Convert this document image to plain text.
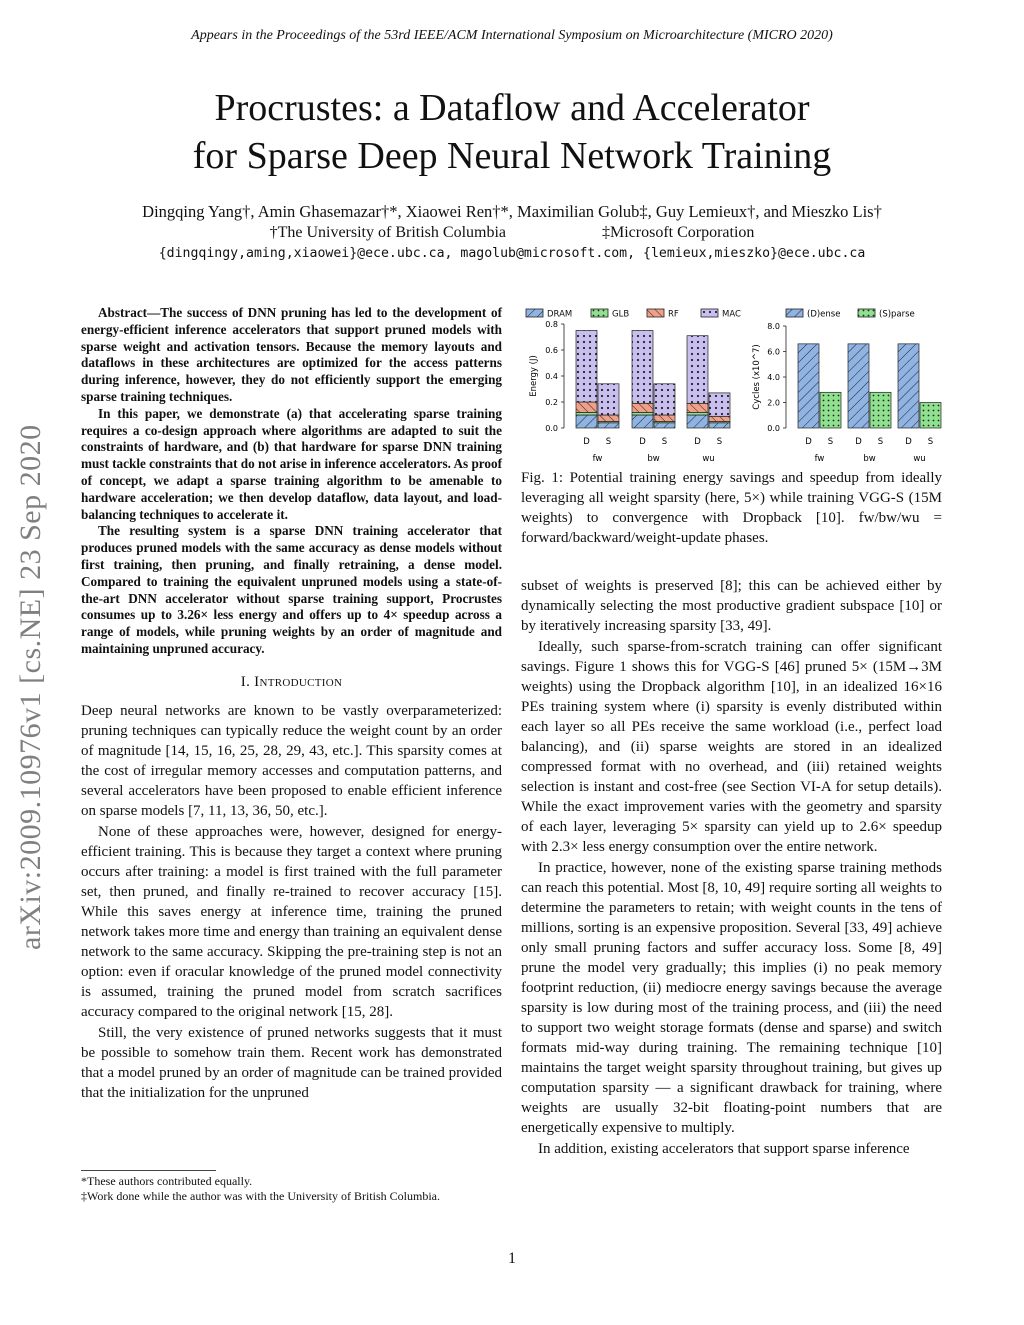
Appears in the Proceedings of the 53rd IEEE/ACM International Symposium on Microarchitecture (MICRO 2020)
Procrustes: a Dataflow and Accelerator
for Sparse Deep Neural Network Training
Dingqing Yang†, Amin Ghasemazar†*, Xiaowei Ren†*, Maximilian Golub‡, Guy Lemieux†, and Mieszko Lis†
†The University of British Columbia	‡Microsoft Corporation
{dingqingy,aming,xiaowei}@ece.ubc.ca, magolub@microsoft.com, {lemieux,mieszko}@ece.ubc.ca
arXiv:2009.10976v1 [cs.NE] 23 Sep 2020

Abstract—The success of DNN pruning has led to the development of energy-efficient inference accelerators that support pruned models with sparse weight and activation tensors. Because the memory layouts and dataflows in these architectures are optimized for the access patterns during inference, however, they do not efficiently support the emerging sparse training techniques.

In this paper, we demonstrate (a) that accelerating sparse training requires a co-design approach where algorithms are adapted to suit the constraints of hardware, and (b) that hardware for sparse DNN training must tackle constraints that do not arise in inference accelerators. As proof of concept, we adapt a sparse training algorithm to be amenable to hardware acceleration; we then develop dataflow, data layout, and load-balancing techniques to accelerate it.

The resulting system is a sparse DNN training accelerator that produces pruned models with the same accuracy as dense models without first training, then pruning, and finally retraining, a dense model. Compared to training the equivalent unpruned models using a state-of-the-art DNN accelerator without sparse training support, Procrustes consumes up to 3.26× less energy and offers up to 4× speedup across a range of models, while pruning weights by an order of magnitude and maintaining unpruned accuracy.

I. Introduction

Deep neural networks are known to be vastly overparameterized: pruning techniques can typically reduce the weight count by an order of magnitude [14, 15, 16, 25, 28, 29, 43, etc.]. This sparsity comes at the cost of irregular memory accesses and computation patterns, and several accelerators have been proposed to enable efficient inference on sparse models [7, 11, 13, 36, 50, etc.].

None of these approaches were, however, designed for energy-efficient training. This is because they target a context where pruning occurs after training: a model is first trained with the full parameter set, then pruned, and finally re-trained to recover accuracy [15]. While this saves energy at inference time, training the pruned network takes more time and energy than training an equivalent dense network to the same accuracy. Skipping the pre-training step is not an option: even if oracular knowledge of the pruned model connectivity is assumed, training the pruned model from scratch sacrifices accuracy compared to the original network [15, 28].

Still, the very existence of pruned networks suggests that it must be possible to somehow train them. Recent work has demonstrated that a model pruned by an order of magnitude can be trained provided that the initialization for the unpruned

*These authors contributed equally.
‡Work done while the author was with the University of British Columbia.
DRAM	GLB	RF	MAC
0.0
0.2
0.4
0.6
0.8
Energy (J)
D S
fw
D S
bw
D S
wu
(D)ense	(S)parse
0.0
2.0
4.0
6.0
8.0
Cycles (x10^7)
D S
fw
D S
bw
D S
wu
Fig. 1: Potential training energy savings and speedup from ideally leveraging all weight sparsity (here, 5×) while training VGG-S (15M weights) to convergence with Dropback [10]. fw/bw/wu = forward/backward/weight-update phases.

subset of weights is preserved [8]; this can be achieved either by dynamically selecting the most productive gradient subspace [10] or by iteratively increasing sparsity [33, 49].

Ideally, such sparse-from-scratch training can offer significant savings. Figure 1 shows this for VGG-S [46] pruned 5× (15M→3M weights) using the Dropback algorithm [10], in an idealized 16×16 PEs training system where (i) sparsity is evenly distributed within each layer so all PEs receive the same workload (i.e., perfect load balancing), and (ii) sparse weights are stored in an idealized compressed format with no overhead, and (iii) retained weights selection is instant and cost-free (see Section VI-A for setup details). While the exact improvement varies with the geometry and sparsity of each layer, leveraging 5× sparsity can yield up to 2.6× speedup with 2.3× less energy consumption over the entire network.

In practice, however, none of the existing sparse training methods can reach this potential. Most [8, 10, 49] require sorting all weights to determine the parameters to retain; with weight counts in the tens of millions, sorting is an expensive proposition. Several [33, 49] achieve only small pruning factors and suffer accuracy loss. Some [8, 49] prune the model very gradually; this implies (i) no peak memory footprint reduction, (ii) mediocre energy savings because the average sparsity is low during most of the training process, and (iii) the need to support two weight storage formats (dense and sparse) and switch formats mid-way during training. The remaining technique [10] maintains the target weight sparsity throughout training, but gives up computation sparsity — a significant drawback for training, where weights are usually 32-bit floating-point numbers that are energetically expensive to multiply.

In addition, existing accelerators that support sparse inference

1
